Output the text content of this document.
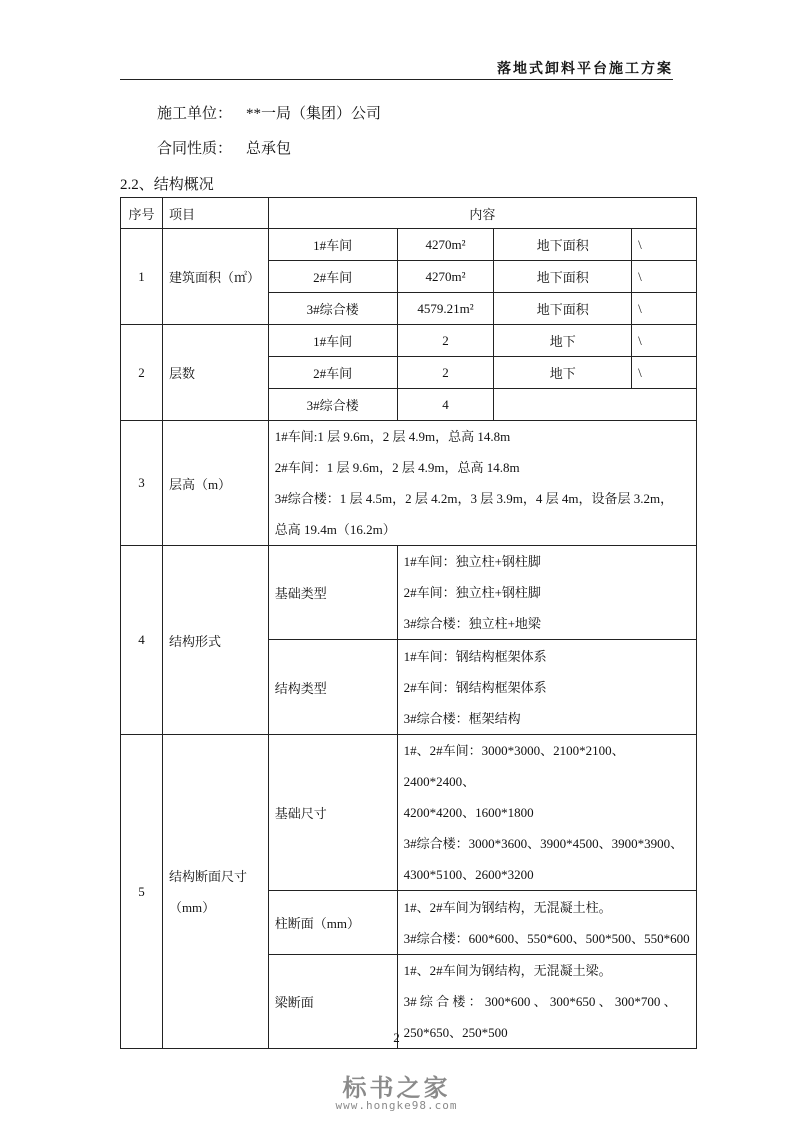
落地式卸料平台施工方案
施工单位： **一局（集团）公司
合同性质： 总承包
2.2、结构概况
序号	项目	内容			
1	建筑面积（㎡）	1#车间	4270m²	地下面积	\
		2#车间	4270m²	地下面积	\
		3#综合楼	4579.21m²	地下面积	\
2	层数	1#车间	2	地下	\
		2#车间	2	地下	\
		3#综合楼	4		
3	层高（m）	1#车间:1 层 9.6m，2 层 4.9m，总高 14.8m

2#车间：1 层 9.6m，2 层 4.9m，总高 14.8m

3#综合楼：1 层 4.5m，2 层 4.2m，3 层 3.9m，4 层 4m，设备层 3.2m，

总高 19.4m（16.2m）			

4	结构形式	基础类型	1#车间：独立柱+钢柱脚

2#车间：独立柱+钢柱脚

3#综合楼：独立柱+地梁		

		结构类型	1#车间：钢结构框架体系

2#车间：钢结构框架体系

3#综合楼：框架结构		

5	结构断面尺寸（mm）	基础尺寸	1#、2#车间：3000*3000、2100*2100、2400*2400、

4200*4200、1600*1800

3#综合楼：3000*3600、3900*4500、3900*3900、

4300*5100、2600*3200		

		柱断面（mm）	1#、2#车间为钢结构，无混凝土柱。

3#综合楼：600*600、550*600、500*500、550*600		

		梁断面	1#、2#车间为钢结构，无混凝土梁。

3# 综 合 楼 ： 300*600 、 300*650 、 300*700 、

250*650、250*500		

2
标书之家
www.hongke98.com
